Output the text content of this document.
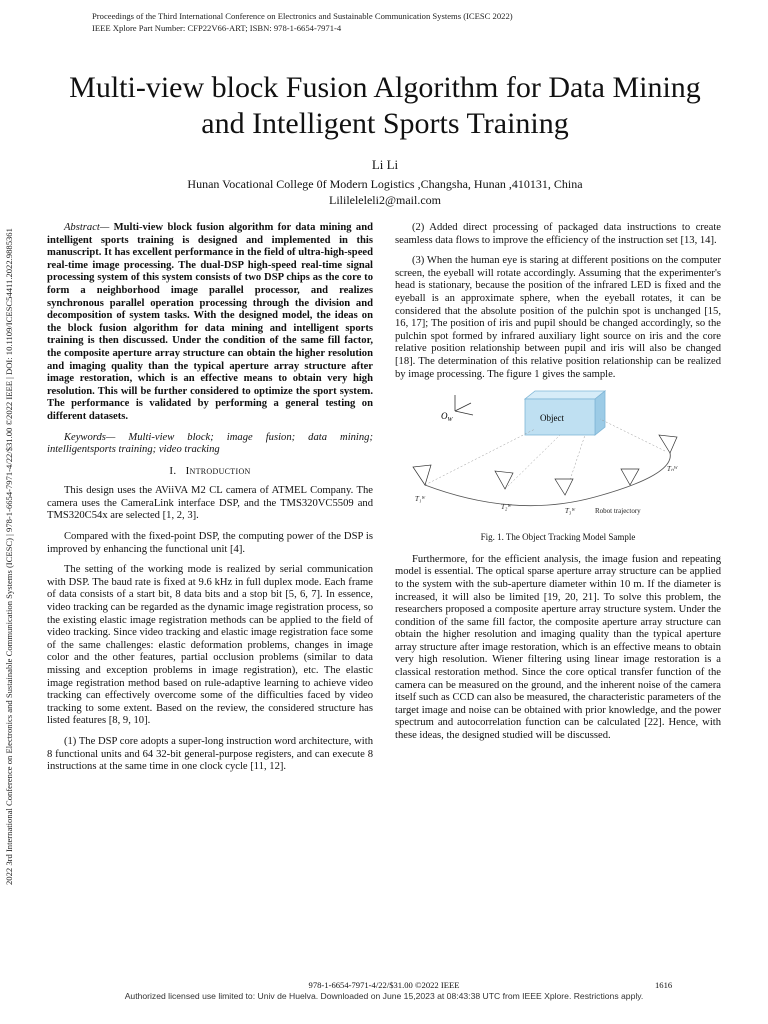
Proceedings of the Third International Conference on Electronics and Sustainable Communication Systems (ICESC 2022)
IEEE Xplore Part Number: CFP22V66-ART; ISBN: 978-1-6654-7971-4
2022 3rd International Conference on Electronics and Sustainable Communication Systems (ICESC) | 978-1-6654-7971-4/22/$31.00 ©2022 IEEE | DOI: 10.1109/ICESC54411.2022.9885361
Multi-view block Fusion Algorithm for Data Mining
and Intelligent Sports Training
Li Li
Hunan Vocational College 0f Modern Logistics ,Changsha, Hunan ,410131, China
Lilileleleli2@mail.com

Abstract— Multi-view block fusion algorithm for data mining and intelligent sports training is designed and implemented in this manuscript. It has excellent performance in the field of ultra-high-speed real-time image processing. The dual-DSP high-speed real-time signal processing system of this system consists of two DSP chips as the core to form a neighborhood image parallel processor, and realizes synchronous parallel operation processing through the division and decomposition of system tasks. With the designed model, the ideas on the block fusion algorithm for data mining and intelligent sports training is then discussed. Under the condition of the same fill factor, the composite aperture array structure can obtain the higher resolution and imaging quality than the typical aperture array structure after image restoration, which is an effective means to obtain very high resolution. This will be further considered to optimize the sport system. The performance is validated by performing a general testing on different datasets.

Keywords— Multi-view block; image fusion; data mining; intelligentsports training; video tracking

I. Introduction

This design uses the AViiVA M2 CL camera of ATMEL Company. The camera uses the CameraLink interface DSP, and the TMS320VC5509 and TMS320C54x are selected [1, 2, 3].

Compared with the fixed-point DSP, the computing power of the DSP is improved by enhancing the functional unit [4].

The setting of the working mode is realized by serial communication with DSP. The baud rate is fixed at 9.6 kHz in full duplex mode. Each frame of data consists of a start bit, 8 data bits and a stop bit [5, 6, 7]. In essence, video tracking can be regarded as the dynamic image registration process, so the existing elastic image registration methods can be applied to the field of video tracking. Since video tracking and elastic image registration face some of the same challenges: elastic deformation problems, changes in image color and the other features, partial occlusion problems (similar to data missing and exception problems in image registration), etc. The elastic image registration method based on rule-adaptive learning to achieve video tracking can effectively overcome some of the difficulties faced by video tracking to some extent. Based on the review, the considered structure has listed features [8, 9, 10].

(1) The DSP core adopts a super-long instruction word architecture, with 8 functional units and 64 32-bit general-purpose registers, and can execute 8 instructions at the same time in one clock cycle [11, 12].

(2) Added direct processing of packaged data instructions to create seamless data flows to improve the efficiency of the instruction set [13, 14].

(3) When the human eye is staring at different positions on the computer screen, the eyeball will rotate accordingly. Assuming that the experimenter's head is stationary, because the position of the infrared LED is fixed and the eyeball is an approximate sphere, when the eyeball rotates, it can be considered that the absolute position of the pulchin spot is unchanged [15, 16, 17]; The position of iris and pupil should be changed accordingly, so the pulchin spot formed by infrared auxiliary light source on iris and the core relative position relationship between pupil and iris will also be changed [18]. The determination of this relative position relationship can be realized by image processing. The figure 1 gives the sample.

$O_W$	Object
T₁ᵂ
T₂ᵂ	T₃ᵂ
Tₙᵂ
Robot trajectory
Fig. 1. The Object Tracking Model Sample

Furthermore, for the efficient analysis, the image fusion and repeating model is essential. The optical sparse aperture array structure can be applied to the system with the sub-aperture diameter within 10 m. If the diameter is increased, it will also be limited [19, 20, 21]. To solve this problem, the researchers proposed a composite aperture array structure system. Under the condition of the same fill factor, the composite aperture array structure can obtain the higher resolution and imaging quality than the typical aperture array structure after image restoration, which is an effective means to obtain very high resolution. Wiener filtering using linear image restoration is a classical restoration method. Since the core optical transfer function of the camera can be measured on the ground, and the inherent noise of the camera itself such as CCD can also be measured, the characteristic parameters of the target image and noise can be obtained with prior knowledge, and the power spectrum and autocorrelation function can be calculated [22]. Hence, with these ideas, the designed studied will be discussed.

978-1-6654-7971-4/22/$31.00 ©2022 IEEE	1616
Authorized licensed use limited to: Univ de Huelva. Downloaded on June 15,2023 at 08:43:38 UTC from IEEE Xplore. Restrictions apply.
